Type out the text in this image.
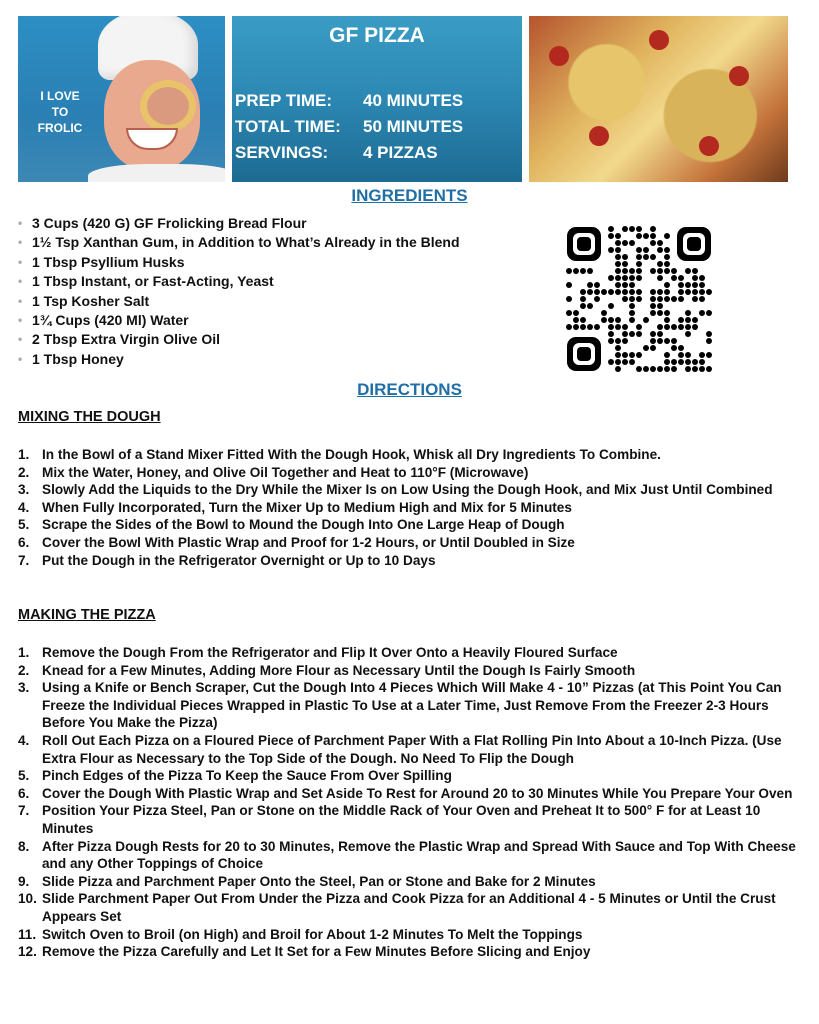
I LOVE
TO
FROLIC
GF PIZZA
PREP TIME:	40 MINUTES
TOTAL TIME:	50 MINUTES
SERVINGS:	4 PIZZAS
INGREDIENTS
• 3 Cups (420 G) GF Frolicking Bread Flour
• 1½ Tsp Xanthan Gum, in Addition to What’s Already in the Blend
• 1 Tbsp Psyllium Husks
• 1 Tbsp Instant, or Fast-Acting, Yeast
• 1 Tsp Kosher Salt
• 1¾ Cups (420 Ml) Water
• 2 Tbsp Extra Virgin Olive Oil
• 1 Tbsp Honey
DIRECTIONS
MIXING THE DOUGH
1. In the Bowl of a Stand Mixer Fitted With the Dough Hook, Whisk all Dry Ingredients To Combine.
2. Mix the Water, Honey, and Olive Oil Together and Heat to 110°F (Microwave)
3. Slowly Add the Liquids to the Dry While the Mixer Is on Low Using the Dough Hook, and Mix Just Until Combined
4. When Fully Incorporated, Turn the Mixer Up to Medium High and Mix for 5 Minutes
5. Scrape the Sides of the Bowl to Mound the Dough Into One Large Heap of Dough
6. Cover the Bowl With Plastic Wrap and Proof for 1-2 Hours, or Until Doubled in Size
7. Put the Dough in the Refrigerator Overnight or Up to 10 Days
MAKING THE PIZZA
1. Remove the Dough From the Refrigerator and Flip It Over Onto a Heavily Floured Surface
2. Knead for a Few Minutes, Adding More Flour as Necessary Until the Dough Is Fairly Smooth
3. Using a Knife or Bench Scraper, Cut the Dough Into 4 Pieces Which Will Make 4 - 10” Pizzas (at This Point You Can Freeze the Individual Pieces Wrapped in Plastic To Use at a Later Time, Just Remove From the Freezer 2-3 Hours Before You Make the Pizza)
4. Roll Out Each Pizza on a Floured Piece of Parchment Paper With a Flat Rolling Pin Into About a 10-Inch Pizza. (Use Extra Flour as Necessary to the Top Side of the Dough. No Need To Flip the Dough
5. Pinch Edges of the Pizza To Keep the Sauce From Over Spilling
6. Cover the Dough With Plastic Wrap and Set Aside To Rest for Around 20 to 30 Minutes While You Prepare Your Oven
7. Position Your Pizza Steel, Pan or Stone on the Middle Rack of Your Oven and Preheat It to 500° F for at Least 10 Minutes
8. After Pizza Dough Rests for 20 to 30 Minutes, Remove the Plastic Wrap and Spread With Sauce and Top With Cheese and any Other Toppings of Choice
9. Slide Pizza and Parchment Paper Onto the Steel, Pan or Stone and Bake for 2 Minutes
10. Slide Parchment Paper Out From Under the Pizza and Cook Pizza for an Additional 4 - 5 Minutes or Until the Crust Appears Set
11. Switch Oven to Broil (on High) and Broil for About 1-2 Minutes To Melt the Toppings
12. Remove the Pizza Carefully and Let It Set for a Few Minutes Before Slicing and Enjoy
